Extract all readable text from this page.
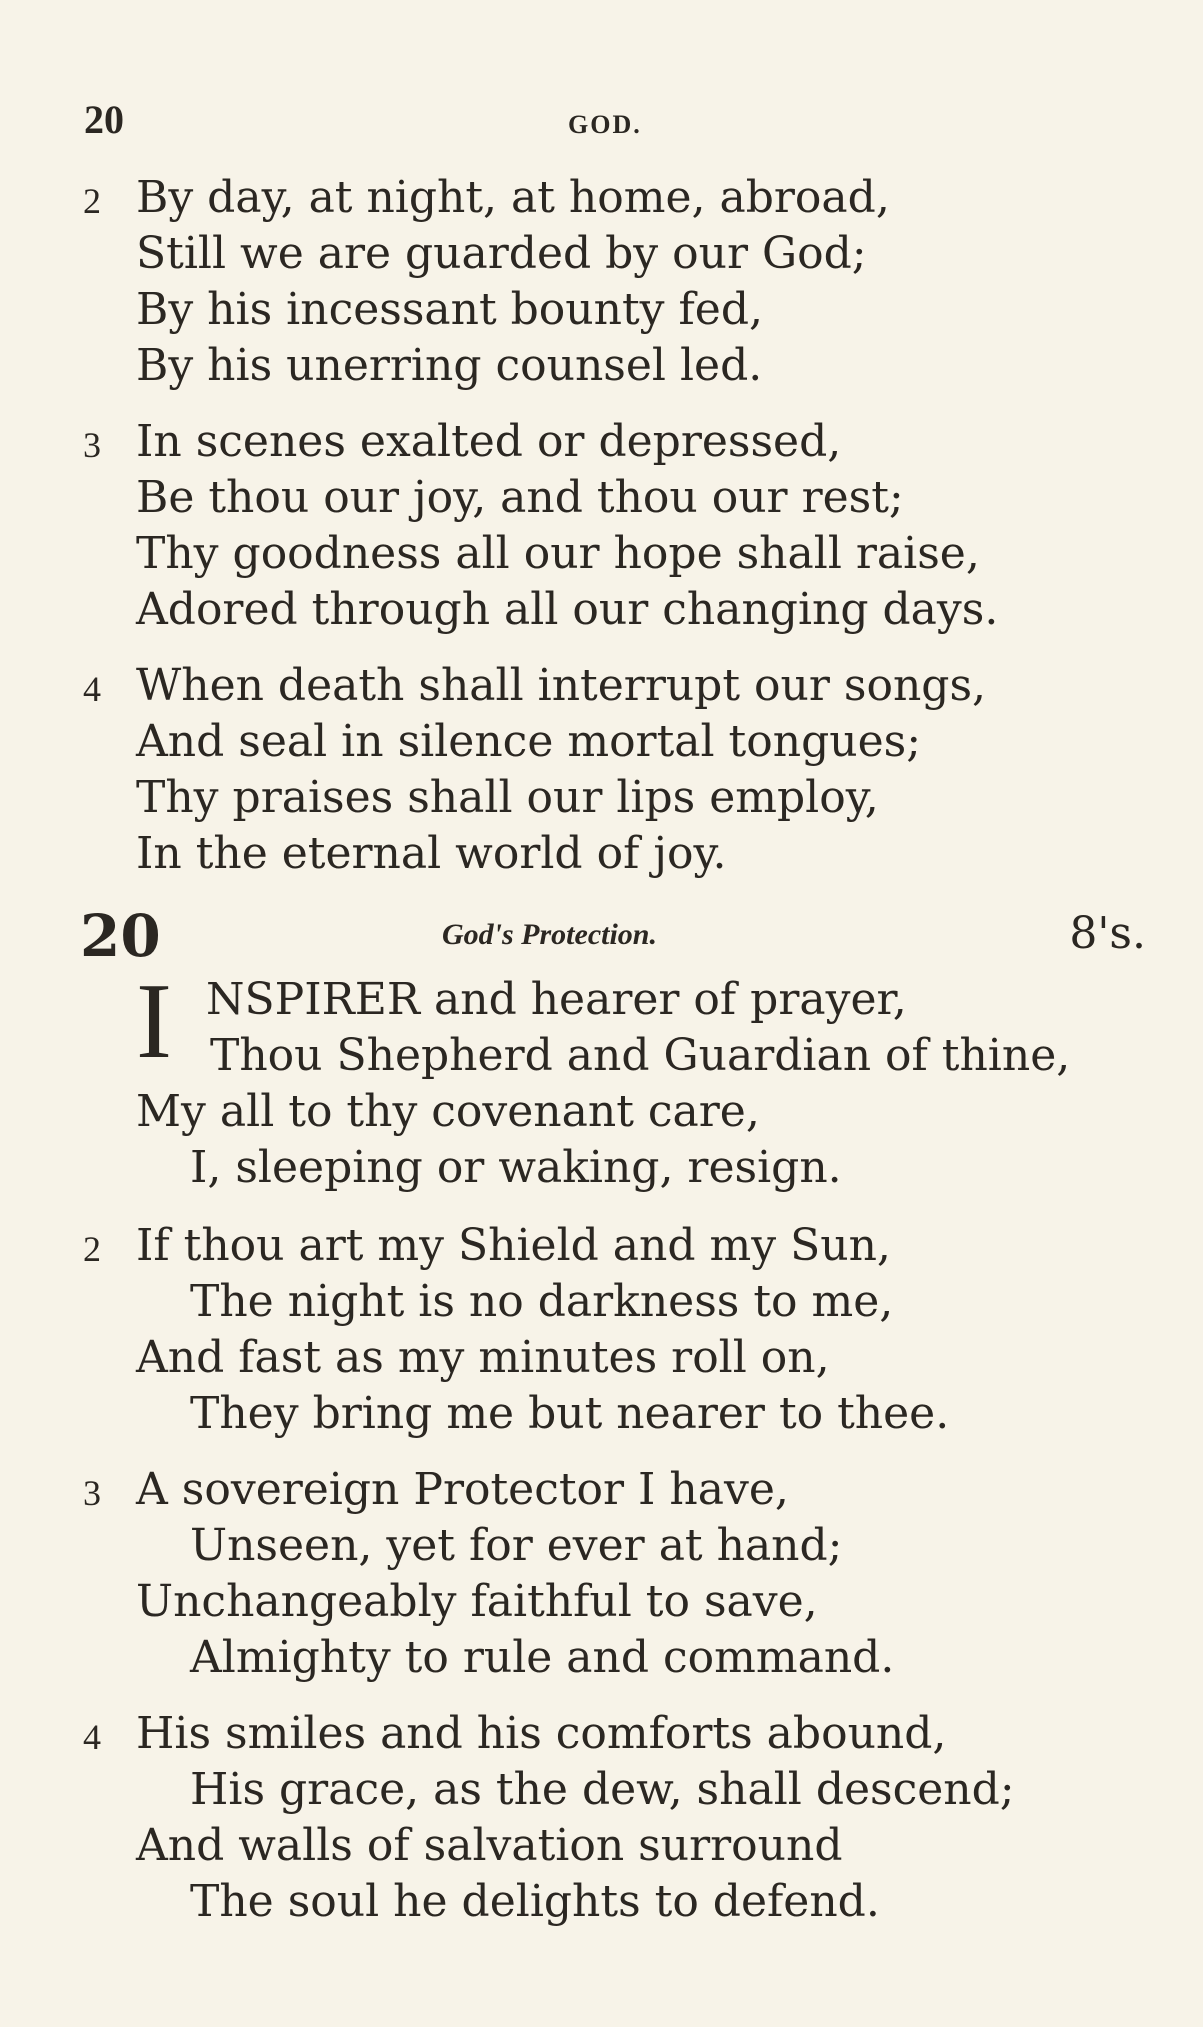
20	GOD.
2 By day, at night, at home, abroad,
Still we are guarded by our God;
By his incessant bounty fed,
By his unerring counsel led.
3 In scenes exalted or depressed,
Be thou our joy, and thou our rest;
Thy goodness all our hope shall raise,
Adored through all our changing days.
4 When death shall interrupt our songs,
And seal in silence mortal tongues;
Thy praises shall our lips employ,
In the eternal world of joy.
20	God's Protection.	8's.
I NSPIRER and hearer of prayer,
Thou Shepherd and Guardian of thine,
My all to thy covenant care,
I, sleeping or waking, resign.
2 If thou art my Shield and my Sun,
The night is no darkness to me,
And fast as my minutes roll on,
They bring me but nearer to thee.
3 A sovereign Protector I have,
Unseen, yet for ever at hand;
Unchangeably faithful to save,
Almighty to rule and command.
4 His smiles and his comforts abound,
His grace, as the dew, shall descend;
And walls of salvation surround
The soul he delights to defend.
